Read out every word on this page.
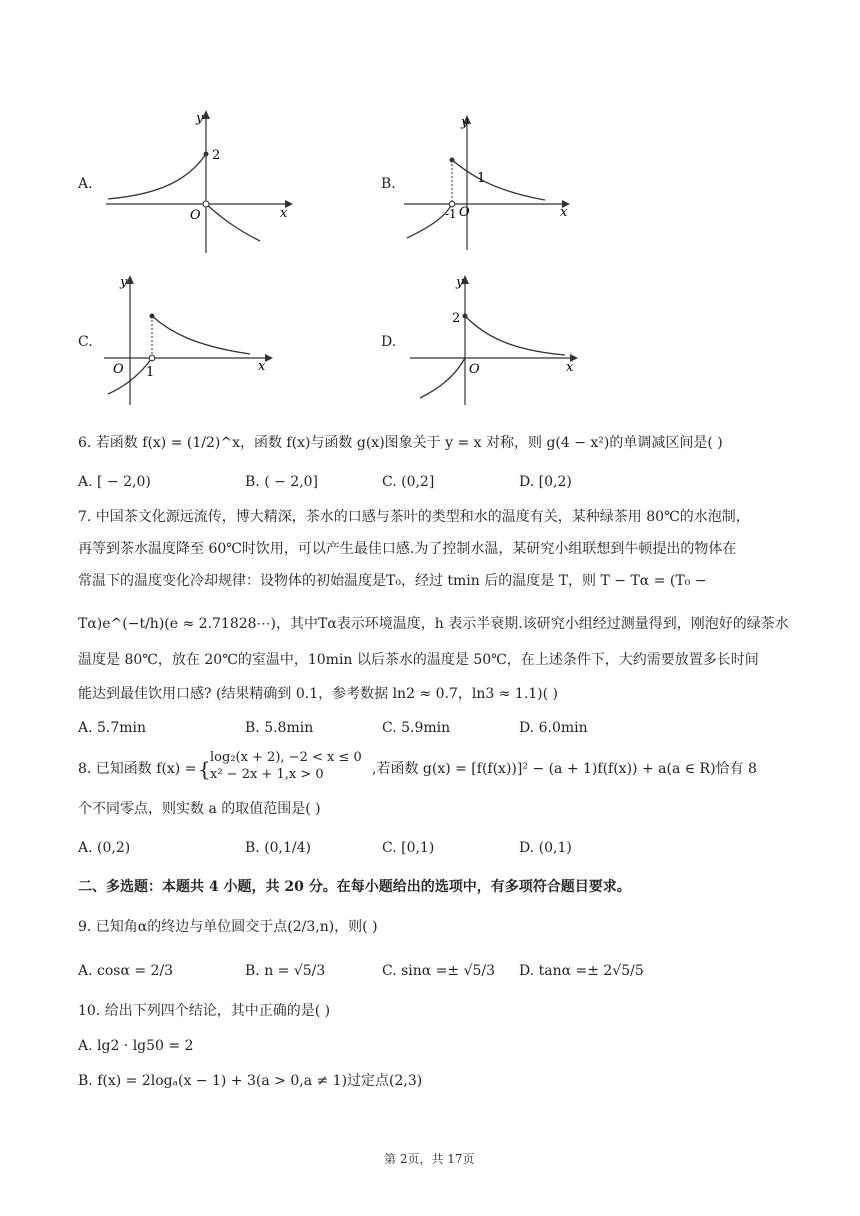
A.
y
x
O
2
B.
y
x
O
-1
1
C.
y
x
O 1
D.
y
x
O
2
6. 若函数 f(x) = (1/2)^x，函数 f(x)与函数 g(x)图象关于 y = x 对称，则 g(4 − x²)的单调减区间是( )
A. [ − 2,0)	B. ( − 2,0]	C. (0,2]	D. [0,2)
7. 中国茶文化源远流传，博大精深，茶水的口感与茶叶的类型和水的温度有关，某种绿茶用 80℃的水泡制，
再等到茶水温度降至 60℃时饮用，可以产生最佳口感.为了控制水温，某研究小组联想到牛顿提出的物体在
常温下的温度变化冷却规律：设物体的初始温度是T₀，经过 tmin 后的温度是 T，则 T − Tα = (T₀ −
Tα)e^(−t/h)(e ≈ 2.71828⋯)，其中Tα表示环境温度，h 表示半衰期.该研究小组经过测量得到，刚泡好的绿茶水
温度是 80℃，放在 20℃的室温中，10min 以后茶水的温度是 50℃，在上述条件下，大约需要放置多长时间
能达到最佳饮用口感? (结果精确到 0.1，参考数据 ln2 ≈ 0.7，ln3 ≈ 1.1)( )
A. 5.7min	B. 5.8min	C. 5.9min	D. 6.0min
8. 已知函数 f(x) = { log₂(x + 2), −2 < x ≤ 0
x² − 2x + 1,x > 0	,若函数 g(x) = [f(f(x))]² − (a + 1)f(f(x)) + a(a ∈ R)恰有 8
个不同零点，则实数 a 的取值范围是( )
A. (0,2)	B. (0,1/4)	C. [0,1)	D. (0,1)
二、多选题：本题共 4 小题，共 20 分。在每小题给出的选项中，有多项符合题目要求。
9. 已知角α的终边与单位圆交于点(2/3,n)，则( )
A. cosα = 2/3	B. n = √5/3	C. sinα =± √5/3 D. tanα =± 2√5/5
10. 给出下列四个结论，其中正确的是( )
A. lg2 · lg50 = 2
B. f(x) = 2logₐ(x − 1) + 3(a > 0,a ≠ 1)过定点(2,3)
第 2页，共 17页
